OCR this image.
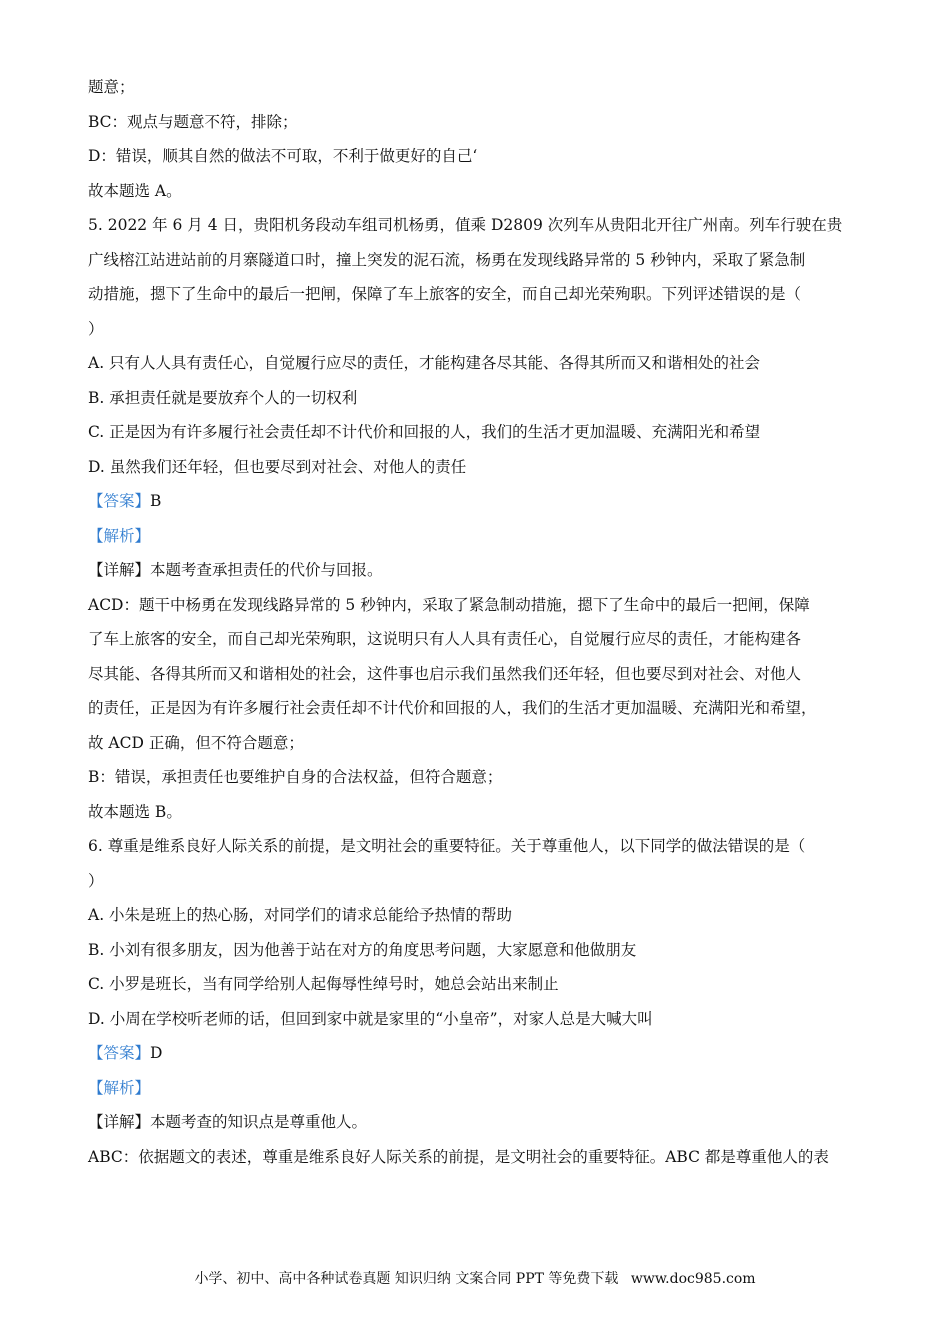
题意；
BC：观点与题意不符，排除；
D：错误，顺其自然的做法不可取，不利于做更好的自己‘
故本题选 A。
5. 2022 年 6 月 4 日，贵阳机务段动车组司机杨勇，值乘 D2809 次列车从贵阳北开往广州南。列车行驶在贵
广线榕江站进站前的月寨隧道口时，撞上突发的泥石流，杨勇在发现线路异常的 5 秒钟内，采取了紧急制
动措施，摁下了生命中的最后一把闸，保障了车上旅客的安全，而自己却光荣殉职。下列评述错误的是（
）
A. 只有人人具有责任心，自觉履行应尽的责任，才能构建各尽其能、各得其所而又和谐相处的社会
B. 承担责任就是要放弃个人的一切权利
C. 正是因为有许多履行社会责任却不计代价和回报的人，我们的生活才更加温暖、充满阳光和希望
D. 虽然我们还年轻，但也要尽到对社会、对他人的责任
【答案】B
【解析】
【详解】本题考查承担责任的代价与回报。
ACD：题干中杨勇在发现线路异常的 5 秒钟内，采取了紧急制动措施，摁下了生命中的最后一把闸，保障
了车上旅客的安全，而自己却光荣殉职，这说明只有人人具有责任心，自觉履行应尽的责任，才能构建各
尽其能、各得其所而又和谐相处的社会，这件事也启示我们虽然我们还年轻，但也要尽到对社会、对他人
的责任，正是因为有许多履行社会责任却不计代价和回报的人，我们的生活才更加温暖、充满阳光和希望，
故 ACD 正确，但不符合题意；
B：错误，承担责任也要维护自身的合法权益，但符合题意；
故本题选 B。
6. 尊重是维系良好人际关系的前提，是文明社会的重要特征。关于尊重他人，以下同学的做法错误的是（
）
A. 小朱是班上的热心肠，对同学们的请求总能给予热情的帮助
B. 小刘有很多朋友，因为他善于站在对方的角度思考问题，大家愿意和他做朋友
C. 小罗是班长，当有同学给别人起侮辱性绰号时，她总会站出来制止
D. 小周在学校听老师的话，但回到家中就是家里的“小皇帝”，对家人总是大喊大叫
【答案】D
【解析】
【详解】本题考查的知识点是尊重他人。
ABC：依据题文的表述，尊重是维系良好人际关系的前提，是文明社会的重要特征。ABC 都是尊重他人的表
小学、初中、高中各种试卷真题 知识归纳 文案合同 PPT 等免费下载 www.doc985.com
